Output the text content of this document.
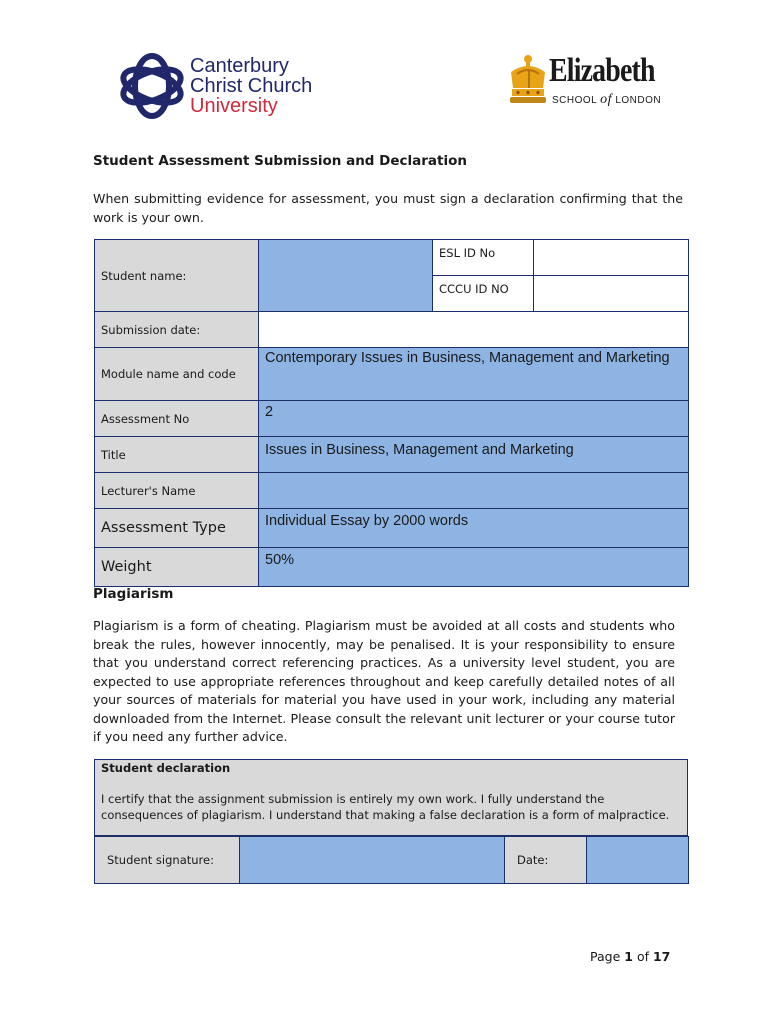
Canterbury
Christ Church
University
Elizabeth
SCHOOL of LONDON
Student Assessment Submission and Declaration
When submitting evidence for assessment, you must sign a declaration confirming that the work is your own.
Student name:		ESL ID No	
		CCCU ID NO	
Submission date:			
Module name and code	Contemporary Issues in Business, Management and Marketing		
Assessment No	2		
Title	Issues in Business, Management and Marketing		
Lecturer's Name			
Assessment Type	Individual Essay by 2000 words		
Weight	50%		
Plagiarism
Plagiarism is a form of cheating. Plagiarism must be avoided at all costs and students who break the rules, however innocently, may be penalised. It is your responsibility to ensure that you understand correct referencing practices. As a university level student, you are expected to use appropriate references throughout and keep carefully detailed notes of all your sources of materials for material you have used in your work, including any material downloaded from the Internet. Please consult the relevant unit lecturer or your course tutor if you need any further advice.
Student declaration
I certify that the assignment submission is entirely my own work. I fully understand the consequences of plagiarism. I understand that making a false declaration is a form of malpractice.
Student signature:		Date:	
Page 1 of 17
